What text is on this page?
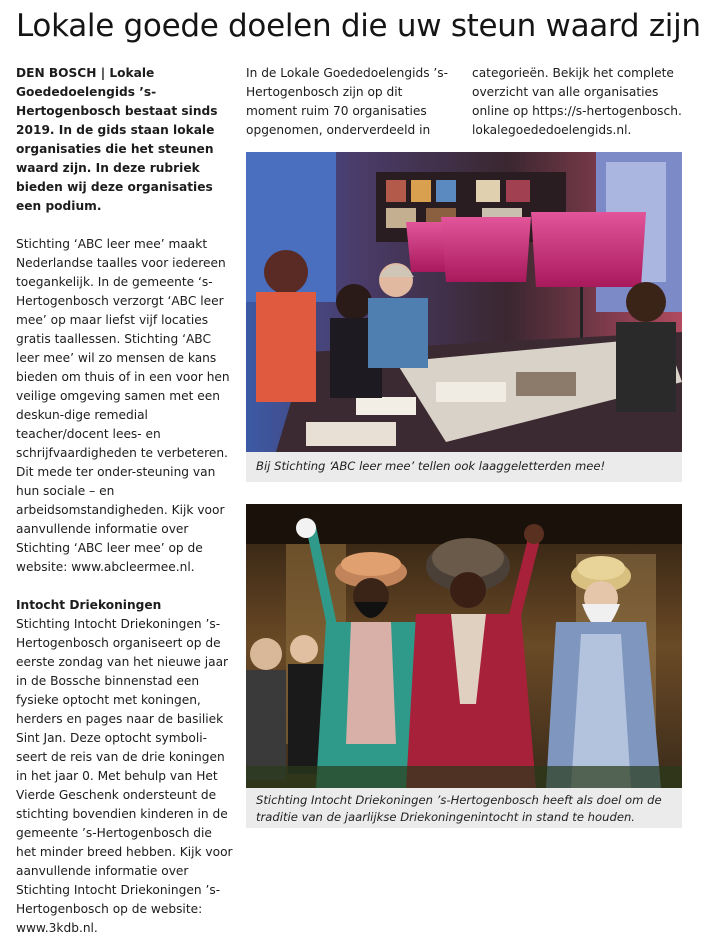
Lokale goede doelen die uw steun waard zijn

DEN BOSCH | Lokale Goededoelengids ’s-Hertogenbosch bestaat sinds 2019. In de gids staan lokale organisaties die het steunen waard zijn. In deze rubriek bieden wij deze organisaties een podium.

Stichting ‘ABC leer mee’ maakt Nederlandse taalles voor iedereen toegankelijk. In de gemeente ‘s-Hertogenbosch verzorgt ‘ABC leer mee’ op maar liefst vijf locaties gratis taallessen. Stichting ‘ABC leer mee’ wil zo mensen de kans bieden om thuis of in een voor hen veilige omgeving samen met een deskun-dige remedial teacher/docent lees- en schrijfvaardigheden te verbeteren. Dit mede ter onder-steuning van hun sociale – en arbeidsomstandigheden. Kijk voor aanvullende informatie over Stichting ‘ABC leer mee’ op de website: www.abcleermee.nl.

Intocht Driekoningen

Stichting Intocht Driekoningen ’s-Hertogenbosch organiseert op de eerste zondag van het nieuwe jaar in de Bossche binnenstad een fysieke optocht met koningen, herders en pages naar de basiliek Sint Jan. Deze optocht symboli-seert de reis van de drie koningen in het jaar 0. Met behulp van Het Vierde Geschenk ondersteunt de stichting bovendien kinderen in de gemeente ’s-Hertogenbosch die het minder breed hebben. Kijk voor aanvullende informatie over Stichting Intocht Driekoningen ’s-Hertogenbosch op de website: www.3kdb.nl.

In de Lokale Goededoelengids ’s-Hertogenbosch zijn op dit moment ruim 70 organisaties opgenomen, onderverdeeld in
categorieën. Bekijk het complete overzicht van alle organisaties online op https://s-hertogenbosch. lokalegoededoelengids.nl.
Bij Stichting ‘ABC leer mee’ tellen ook laaggeletterden mee!
Stichting Intocht Driekoningen ’s-Hertogenbosch heeft als doel om de traditie van de jaarlijkse Driekoningenintocht in stand te houden.
